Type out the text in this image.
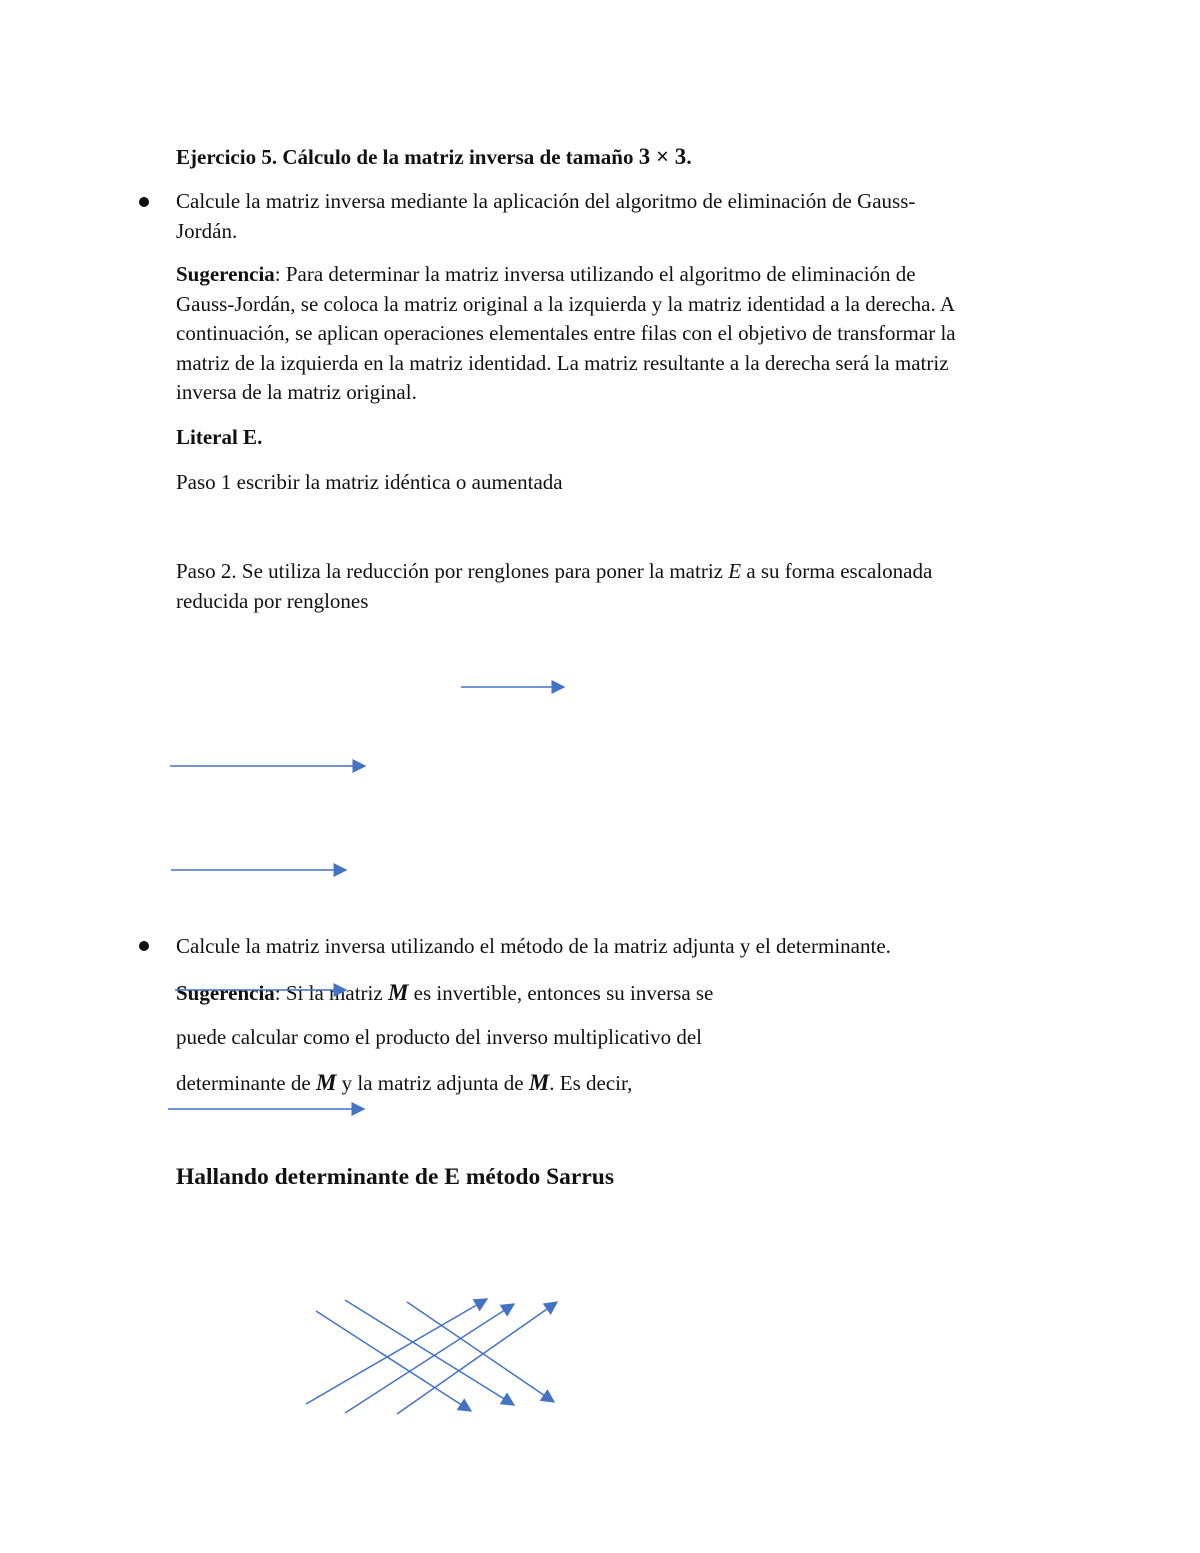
Ejercicio 5. Cálculo de la matriz inversa de tamaño 3 × 3.
Calcule la matriz inversa mediante la aplicación del algoritmo de eliminación de Gauss-
Jordán.
Sugerencia: Para determinar la matriz inversa utilizando el algoritmo de eliminación de
Gauss-Jordán, se coloca la matriz original a la izquierda y la matriz identidad a la derecha. A
continuación, se aplican operaciones elementales entre filas con el objetivo de transformar la
matriz de la izquierda en la matriz identidad. La matriz resultante a la derecha será la matriz
inversa de la matriz original.
Literal E.
Paso 1 escribir la matriz idéntica o aumentada
Paso 2. Se utiliza la reducción por renglones para poner la matriz E a su forma escalonada
reducida por renglones
Calcule la matriz inversa utilizando el método de la matriz adjunta y el determinante.
Sugerencia: Si la matriz M es invertible, entonces su inversa se
puede calcular como el producto del inverso multiplicativo del
determinante de M y la matriz adjunta de M. Es decir,
Hallando determinante de E método Sarrus
